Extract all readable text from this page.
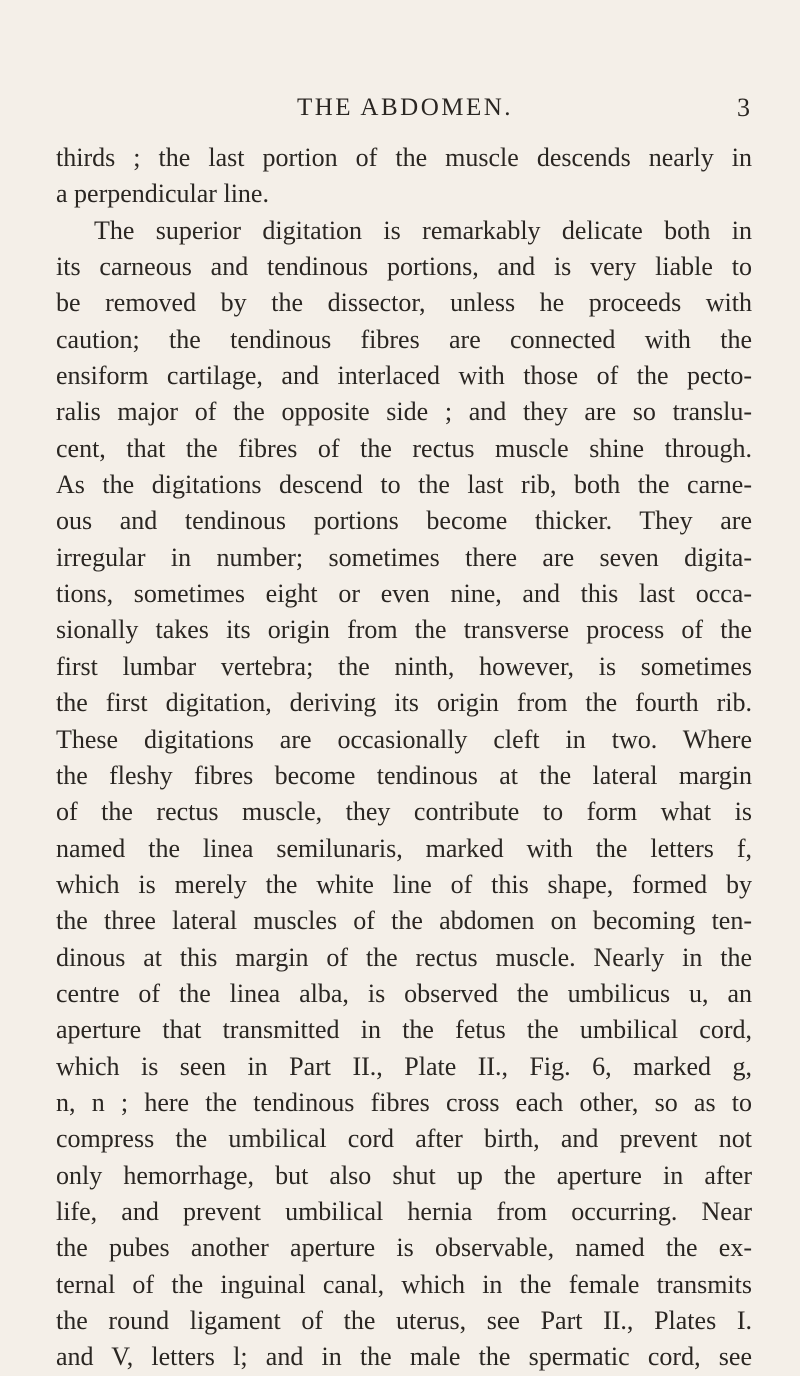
THE ABDOMEN.	3
thirds ; the last portion of the muscle descends nearly in
a perpendicular line.
The superior digitation is remarkably delicate both in
its carneous and tendinous portions, and is very liable to
be removed by the dissector, unless he proceeds with
caution; the tendinous fibres are connected with the
ensiform cartilage, and interlaced with those of the pecto-
ralis major of the opposite side ; and they are so translu-
cent, that the fibres of the rectus muscle shine through.
As the digitations descend to the last rib, both the carne-
ous and tendinous portions become thicker. They are
irregular in number; sometimes there are seven digita-
tions, sometimes eight or even nine, and this last occa-
sionally takes its origin from the transverse process of the
first lumbar vertebra; the ninth, however, is sometimes
the first digitation, deriving its origin from the fourth rib.
These digitations are occasionally cleft in two. Where
the fleshy fibres become tendinous at the lateral margin
of the rectus muscle, they contribute to form what is
named the linea semilunaris, marked with the letters f,
which is merely the white line of this shape, formed by
the three lateral muscles of the abdomen on becoming ten-
dinous at this margin of the rectus muscle. Nearly in the
centre of the linea alba, is observed the umbilicus u, an
aperture that transmitted in the fetus the umbilical cord,
which is seen in Part II., Plate II., Fig. 6, marked g,
n, n ; here the tendinous fibres cross each other, so as to
compress the umbilical cord after birth, and prevent not
only hemorrhage, but also shut up the aperture in after
life, and prevent umbilical hernia from occurring. Near
the pubes another aperture is observable, named the ex-
ternal of the inguinal canal, which in the female transmits
the round ligament of the uterus, see Part II., Plates I.
and V, letters l; and in the male the spermatic cord, see
